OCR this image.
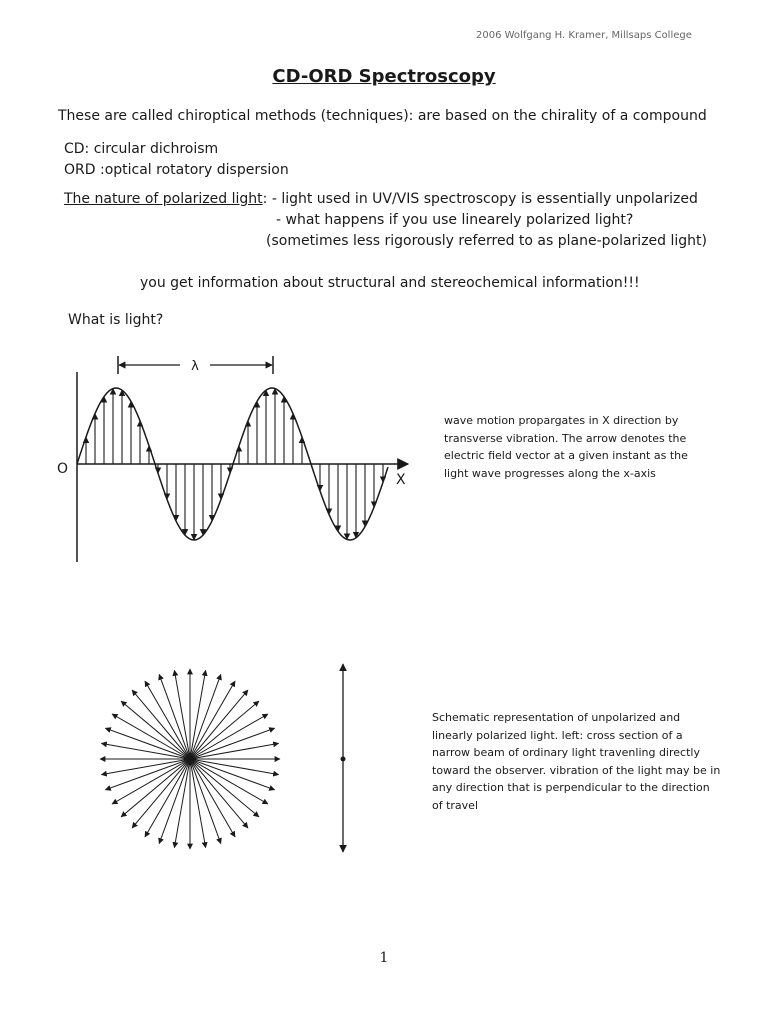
2006 Wolfgang H. Kramer, Millsaps College
CD-ORD Spectroscopy
These are called chiroptical methods (techniques): are based on the chirality of a compound
CD: circular dichroism
ORD :optical rotatory dispersion
The nature of polarized light: - light used in UV/VIS spectroscopy is essentially unpolarized
- what happens if you use linearely polarized light?
(sometimes less rigorously referred to as plane-polarized light)
you get information about structural and stereochemical information!!!
What is light?
λ
O
X
wave motion propargates in X direction by transverse vibration. The arrow denotes the electric field vector at a given instant as the light wave progresses along the x-axis
Schematic representation of unpolarized and linearly polarized light. left: cross section of a narrow beam of ordinary light travenling directly toward the observer. vibration of the light may be in any direction that is perpendicular to the direction of travel
1
